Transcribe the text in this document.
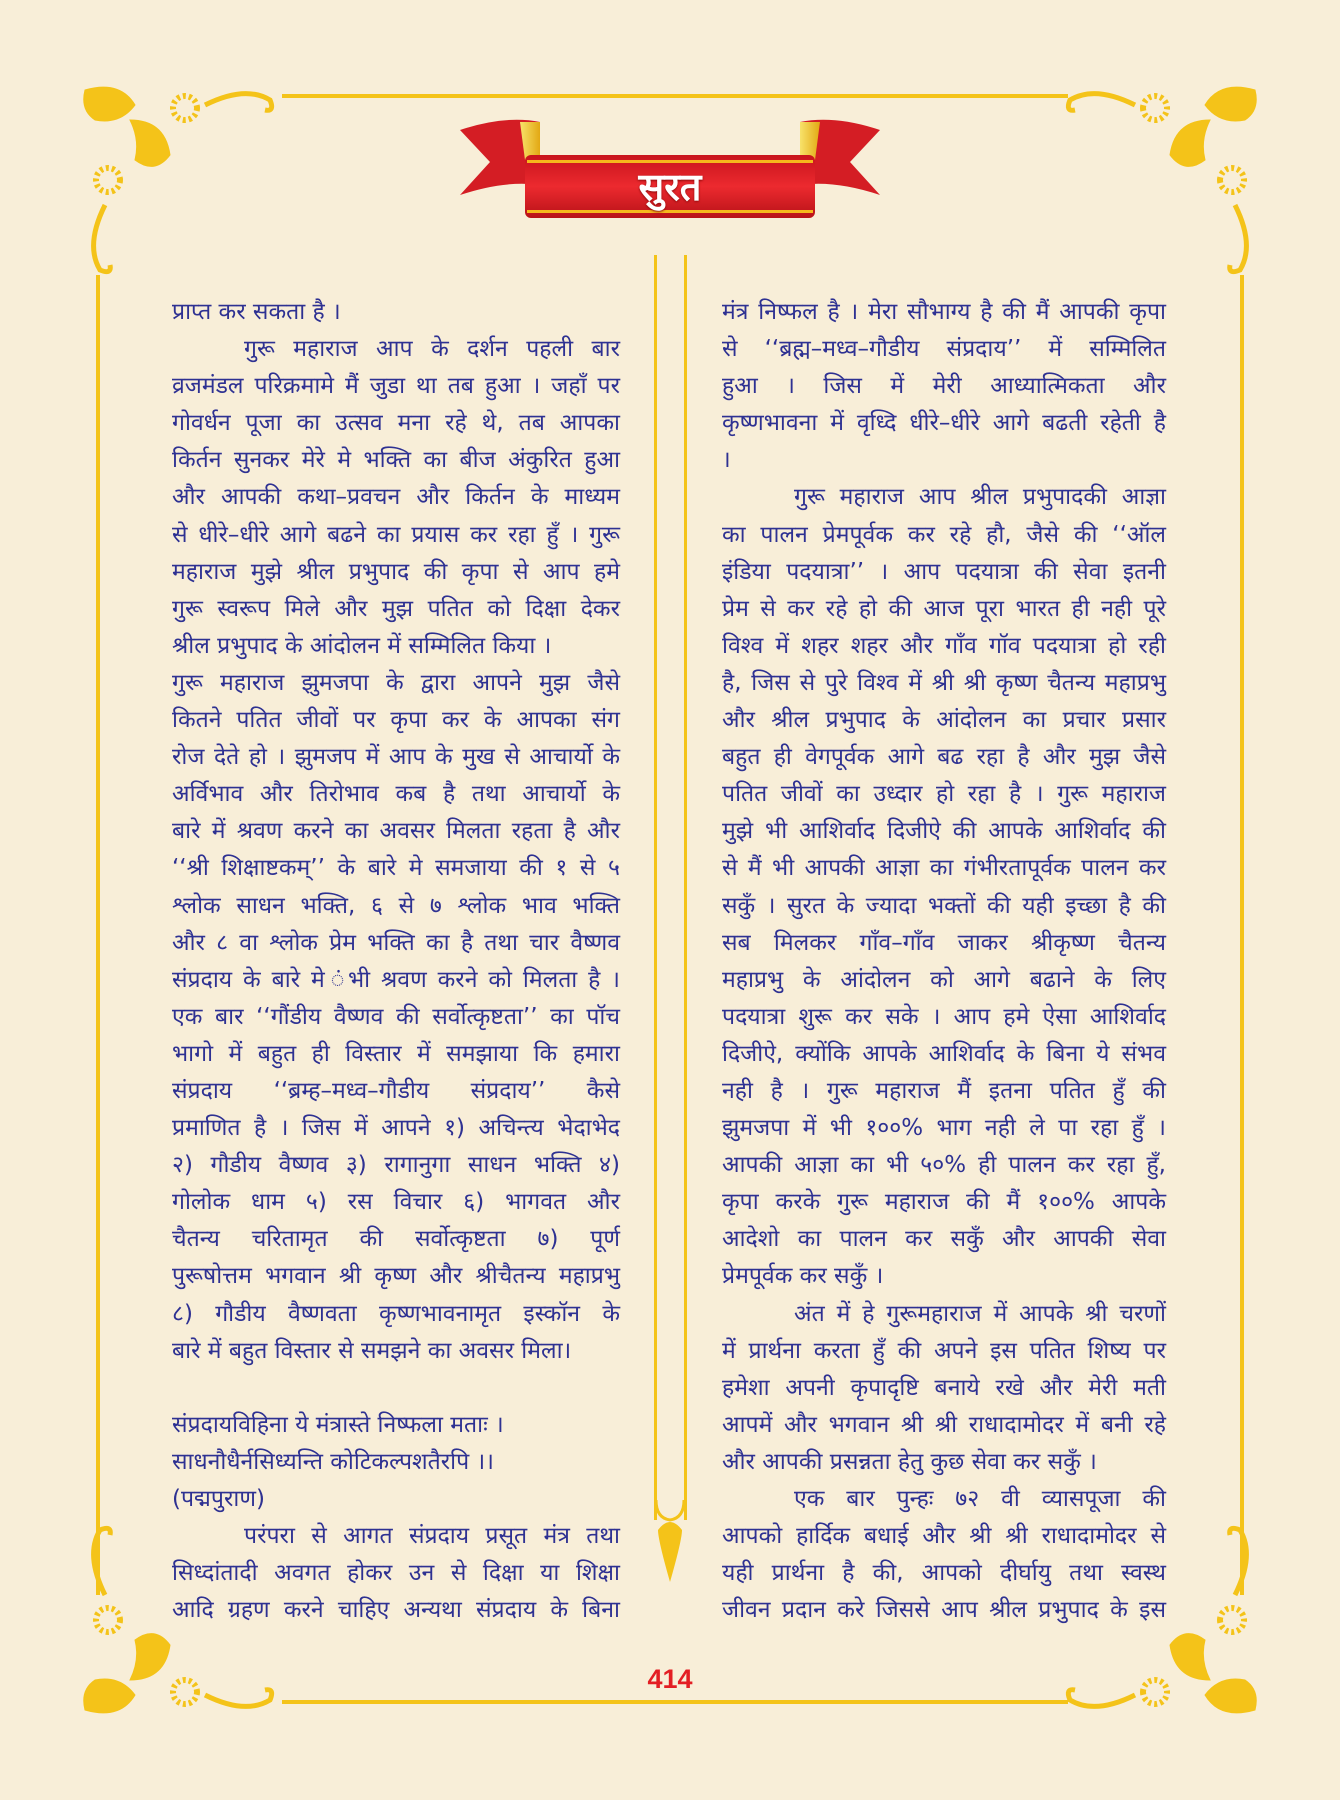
सुरत
प्राप्त कर सकता है ।
गुरू महाराज आप के दर्शन पहली बार
व्रजमंडल परिक्रमामे मैं जुडा था तब हुआ । जहाँ पर
गोवर्धन पूजा का उत्सव मना रहे थे, तब आपका
किर्तन सुनकर मेरे मे भक्ति का बीज अंकुरित हुआ
और आपकी कथा–प्रवचन और किर्तन के माध्यम
से धीरे–धीरे आगे बढने का प्रयास कर रहा हुँ । गुरू
महाराज मुझे श्रील प्रभुपाद की कृपा से आप हमे
गुरू स्वरूप मिले और मुझ पतित को दिक्षा देकर
श्रील प्रभुपाद के आंदोलन में सम्मिलित किया ।
गुरू महाराज झुमजपा के द्वारा आपने मुझ जैसे
कितने पतित जीवों पर कृपा कर के आपका संग
रोज देते हो । झुमजप में आप के मुख से आचार्यो के
अर्विभाव और तिरोभाव कब है तथा आचार्यो के
बारे में श्रवण करने का अवसर मिलता रहता है और
‘‘श्री शिक्षाष्टकम्’’ के बारे मे समजाया की १ से ५
श्लोक साधन भक्ति, ६ से ७ श्लोक भाव भक्ति
और ८ वा श्लोक प्रेम भक्ति का है तथा चार वैष्णव
संप्रदाय के बारे मे ंभी श्रवण करने को मिलता है ।
एक बार ‘‘गौंडीय वैष्णव की सर्वोत्कृष्टता’’ का पॉच
भागो में बहुत ही विस्तार में समझाया कि हमारा
संप्रदाय ‘‘ब्रम्ह–मध्व–गौडीय संप्रदाय’’ कैसे
प्रमाणित है । जिस में आपने १) अचिन्त्य भेदाभेद
२) गौडीय वैष्णव ३) रागानुगा साधन भक्ति ४)
गोलोक धाम ५) रस विचार ६) भागवत और
चैतन्य चरितामृत की सर्वोत्कृष्टता ७) पूर्ण
पुरूषोत्तम भगवान श्री कृष्ण और श्रीचैतन्य महाप्रभु
८) गौडीय वैष्णवता कृष्णभावनामृत इस्कॉन के
बारे में बहुत विस्तार से समझने का अवसर मिला।
संप्रदायविहिना ये मंत्रास्ते निष्फला मताः ।
साधनौधैर्नसिध्यन्ति कोटिकल्पशतैरपि ।।
(पद्मपुराण)
परंपरा से आगत संप्रदाय प्रसूत मंत्र तथा
सिध्दांतादी अवगत होकर उन से दिक्षा या शिक्षा
आदि ग्रहण करने चाहिए अन्यथा संप्रदाय के बिना
मंत्र निष्फल है । मेरा सौभाग्य है की मैं आपकी कृपा
से ‘‘ब्रह्म–मध्व–गौडीय संप्रदाय’’ में सम्मिलित
हुआ । जिस में मेरी आध्यात्मिकता और
कृष्णभावना में वृध्दि धीरे–धीरे आगे बढती रहेती है
।
गुरू महाराज आप श्रील प्रभुपादकी आज्ञा
का पालन प्रेमपूर्वक कर रहे हौ, जैसे की ‘‘ऑल
इंडिया पदयात्रा’’ । आप पदयात्रा की सेवा इतनी
प्रेम से कर रहे हो की आज पूरा भारत ही नही पूरे
विश्व में शहर शहर और गाँव गॉव पदयात्रा हो रही
है, जिस से पुरे विश्व में श्री श्री कृष्ण चैतन्य महाप्रभु
और श्रील प्रभुपाद के आंदोलन का प्रचार प्रसार
बहुत ही वेगपूर्वक आगे बढ रहा है और मुझ जैसे
पतित जीवों का उध्दार हो रहा है । गुरू महाराज
मुझे भी आशिर्वाद दिजीऐ की आपके आशिर्वाद की
से मैं भी आपकी आज्ञा का गंभीरतापूर्वक पालन कर
सकुँ । सुरत के ज्यादा भक्तों की यही इच्छा है की
सब मिलकर गाँव–गाँव जाकर श्रीकृष्ण चैतन्य
महाप्रभु के आंदोलन को आगे बढाने के लिए
पदयात्रा शुरू कर सके । आप हमे ऐसा आशिर्वाद
दिजीऐ, क्योंकि आपके आशिर्वाद के बिना ये संभव
नही है । गुरू महाराज मैं इतना पतित हुँ की
झुमजपा में भी १००% भाग नही ले पा रहा हुँ ।
आपकी आज्ञा का भी ५०% ही पालन कर रहा हुँ,
कृपा करके गुरू महाराज की मैं १००% आपके
आदेशो का पालन कर सकुँ और आपकी सेवा
प्रेमपूर्वक कर सकुँ ।
अंत में हे गुरूमहाराज में आपके श्री चरणों
में प्रार्थना करता हुँ की अपने इस पतित शिष्य पर
हमेशा अपनी कृपादृष्टि बनाये रखे और मेरी मती
आपमें और भगवान श्री श्री राधादामोदर में बनी रहे
और आपकी प्रसन्नता हेतु कुछ सेवा कर सकुँ ।
एक बार पुन्हः ७२ वी व्यासपूजा की
आपको हार्दिक बधाई और श्री श्री राधादामोदर से
यही प्रार्थना है की, आपको दीर्घायु तथा स्वस्थ
जीवन प्रदान करे जिससे आप श्रील प्रभुपाद के इस
414
